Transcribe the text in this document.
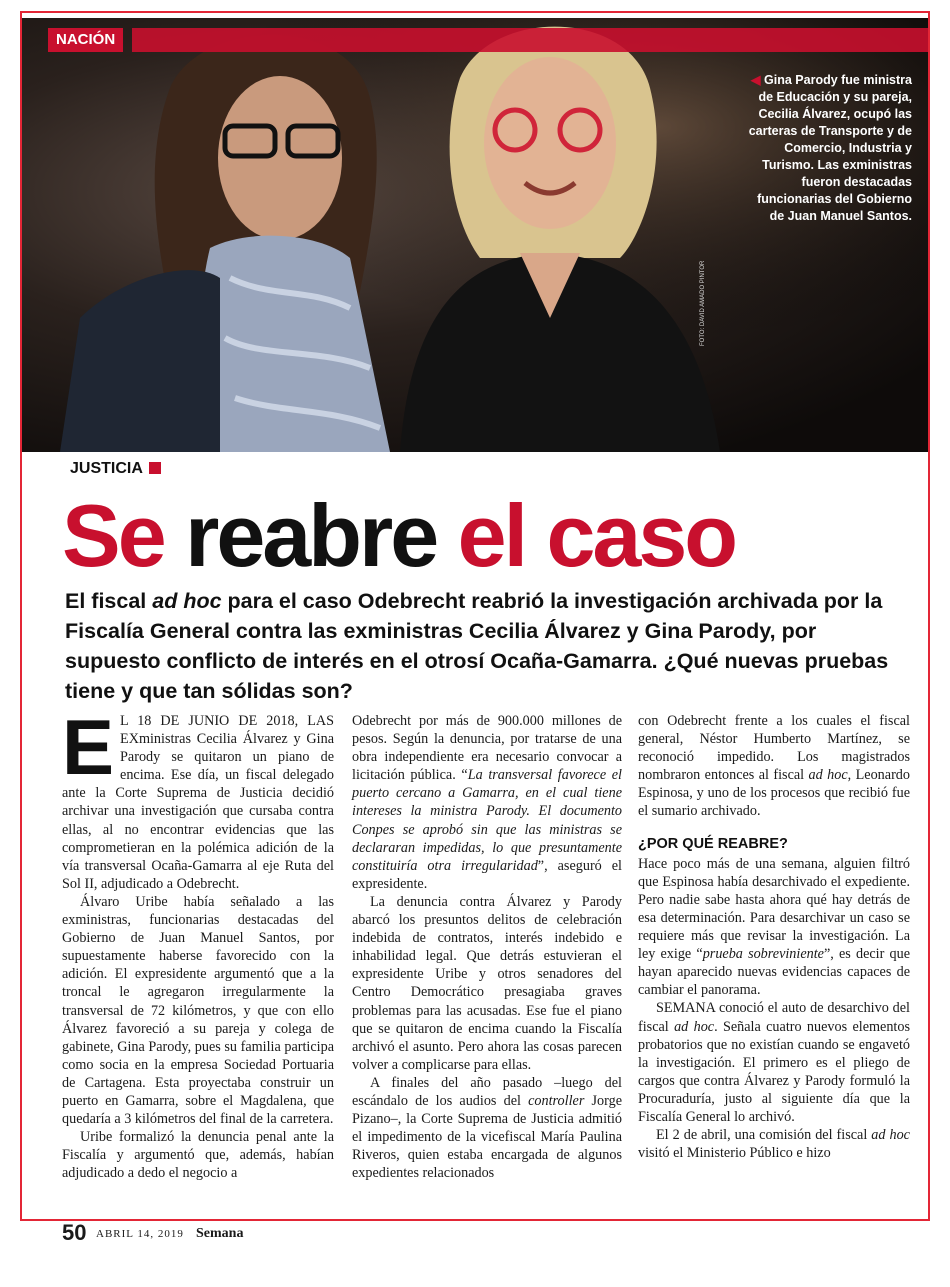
NACIÓN
◀ Gina Parody fue ministra de Educación y su pareja, Cecilia Álvarez, ocupó las carteras de Transporte y de Comercio, Industria y Turismo. Las exministras fueron destacadas funcionarias del Gobierno de Juan Manuel Santos.
FOTO: DAVID AMADO PINTOR
JUSTICIA
Se reabre el caso
El fiscal ad hoc para el caso Odebrecht reabrió la investigación archivada por la Fiscalía General contra las exministras Cecilia Álvarez y Gina Parody, por supuesto conflicto de interés en el otrosí Ocaña-Gamarra. ¿Qué nuevas pruebas tiene y que tan sólidas son?

E L 18 DE JUNIO DE 2018, LAS EXministras Cecilia Álvarez y Gina Parody se quitaron un piano de encima. Ese día, un fiscal delegado ante la Corte Suprema de Justicia decidió archivar una investigación que cursaba contra ellas, al no encontrar evidencias que las comprometieran en la polémica adición de la vía transversal Ocaña-Gamarra al eje Ruta del Sol II, adjudicado a Odebrecht.

Álvaro Uribe había señalado a las exministras, funcionarias destacadas del Gobierno de Juan Manuel Santos, por supuestamente haberse favorecido con la adición. El expresidente argumentó que a la troncal le agregaron irregularmente la transversal de 72 kilómetros, y que con ello Álvarez favoreció a su pareja y colega de gabinete, Gina Parody, pues su familia participa como socia en la empresa Sociedad Portuaria de Cartagena. Esta proyectaba construir un puerto en Gamarra, sobre el Magdalena, que quedaría a 3 kilómetros del final de la carretera.

Uribe formalizó la denuncia penal ante la Fiscalía y argumentó que, además, habían adjudicado a dedo el negocio a

Odebrecht por más de 900.000 millones de pesos. Según la denuncia, por tratarse de una obra independiente era necesario convocar a licitación pública. “La transversal favorece el puerto cercano a Gamarra, en el cual tiene intereses la ministra Parody. El documento Conpes se aprobó sin que las ministras se declararan impedidas, lo que presuntamente constituiría otra irregularidad”, aseguró el expresidente.

La denuncia contra Álvarez y Parody abarcó los presuntos delitos de celebración indebida de contratos, interés indebido e inhabilidad legal. Que detrás estuvieran el expresidente Uribe y otros senadores del Centro Democrático presagiaba graves problemas para las acusadas. Ese fue el piano que se quitaron de encima cuando la Fiscalía archivó el asunto. Pero ahora las cosas parecen volver a complicarse para ellas.

A finales del año pasado –luego del escándalo de los audios del controller Jorge Pizano–, la Corte Suprema de Justicia admitió el impedimento de la vicefiscal María Paulina Riveros, quien estaba encargada de algunos expedientes relacionados

con Odebrecht frente a los cuales el fiscal general, Néstor Humberto Martínez, se reconoció impedido. Los magistrados nombraron entonces al fiscal ad hoc, Leonardo Espinosa, y uno de los procesos que recibió fue el sumario archivado.

¿POR QUÉ REABRE?

Hace poco más de una semana, alguien filtró que Espinosa había desarchivado el expediente. Pero nadie sabe hasta ahora qué hay detrás de esa determinación. Para desarchivar un caso se requiere más que revisar la investigación. La ley exige “prueba sobreviniente”, es decir que hayan aparecido nuevas evidencias capaces de cambiar el panorama.

SEMANA conoció el auto de desarchivo del fiscal ad hoc. Señala cuatro nuevos elementos probatorios que no existían cuando se engavetó la investigación. El primero es el pliego de cargos que contra Álvarez y Parody formuló la Procuraduría, justo al siguiente día que la Fiscalía General lo archivó.

El 2 de abril, una comisión del fiscal ad hoc visitó el Ministerio Público e hizo

50 ABRIL 14, 2019 Semana
